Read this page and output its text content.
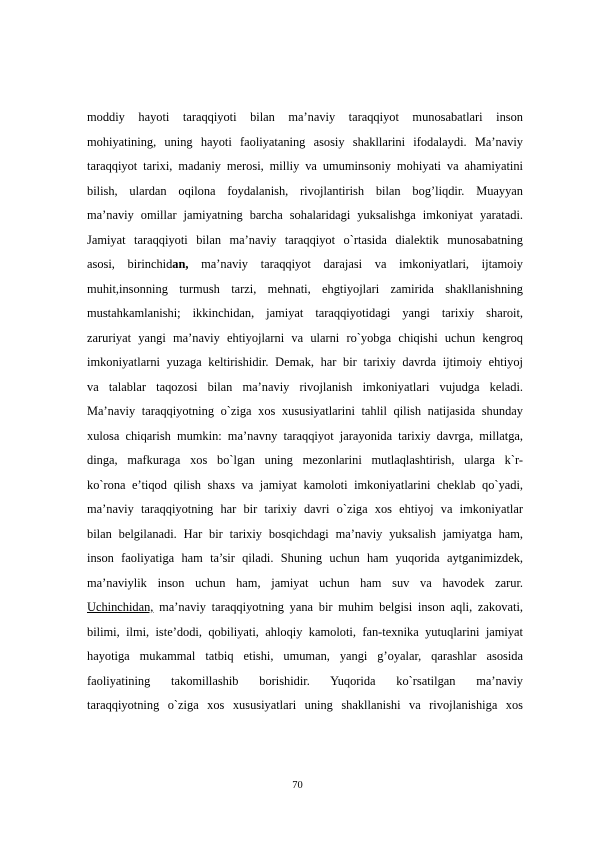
moddiy hayoti taraqqiyoti bilan ma’naviy taraqqiyot munosabatlari inson
mohiyatining, uning hayoti faoliyataning asosiy shakllarini ifodalaydi. Ma’naviy
taraqqiyot tarixi, madaniy merosi, milliy va umuminsoniy mohiyati va ahamiyatini
bilish, ulardan oqilona foydalanish, rivojlantirish bilan bog’liqdir. Muayyan
ma’naviy omillar jamiyatning barcha sohalaridagi yuksalishga imkoniyat yaratadi.
Jamiyat taraqqiyoti bilan ma’naviy taraqqiyot o`rtasida dialektik munosabatning
asosi, birinchidan, ma’naviy taraqqiyot darajasi va imkoniyatlari, ijtamoiy
muhit,insonning turmush tarzi, mehnati, ehgtiyojlari zamirida shakllanishning
mustahkamlanishi; ikkinchidan, jamiyat taraqqiyotidagi yangi tarixiy sharoit,
zaruriyat yangi ma’naviy ehtiyojlarni va ularni ro`yobga chiqishi uchun kengroq
imkoniyatlarni yuzaga keltirishidir. Demak, har bir tarixiy davrda ijtimoiy ehtiyoj
va talablar taqozosi bilan ma’naviy rivojlanish imkoniyatlari vujudga keladi.
Ma’naviy taraqqiyotning o`ziga xos xususiyatlarini tahlil qilish natijasida shunday
xulosa chiqarish mumkin: ma’navny taraqqiyot jarayonida tarixiy davrga, millatga,
dinga, mafkuraga xos bo`lgan uning mezonlarini mutlaqlashtirish, ularga k`r-
ko`rona e’tiqod qilish shaxs va jamiyat kamoloti imkoniyatlarini cheklab qo`yadi,
ma’naviy taraqqiyotning har bir tarixiy davri o`ziga xos ehtiyoj va imkoniyatlar
bilan belgilanadi. Har bir tarixiy bosqichdagi ma’naviy yuksalish jamiyatga ham,
inson faoliyatiga ham ta’sir qiladi. Shuning uchun ham yuqorida aytganimizdek,
ma’naviylik inson uchun ham, jamiyat uchun ham suv va havodek zarur.
Uchinchidan, ma’naviy taraqqiyotning yana bir muhim belgisi inson aqli, zakovati,
bilimi, ilmi, iste’dodi, qobiliyati, ahloqiy kamoloti, fan-texnika yutuqlarini jamiyat
hayotiga mukammal tatbiq etishi, umuman, yangi g’oyalar, qarashlar asosida
faoliyatining takomillashib borishidir. Yuqorida ko`rsatilgan ma’naviy
taraqqiyotning o`ziga xos xususiyatlari uning shakllanishi va rivojlanishiga xos
70
